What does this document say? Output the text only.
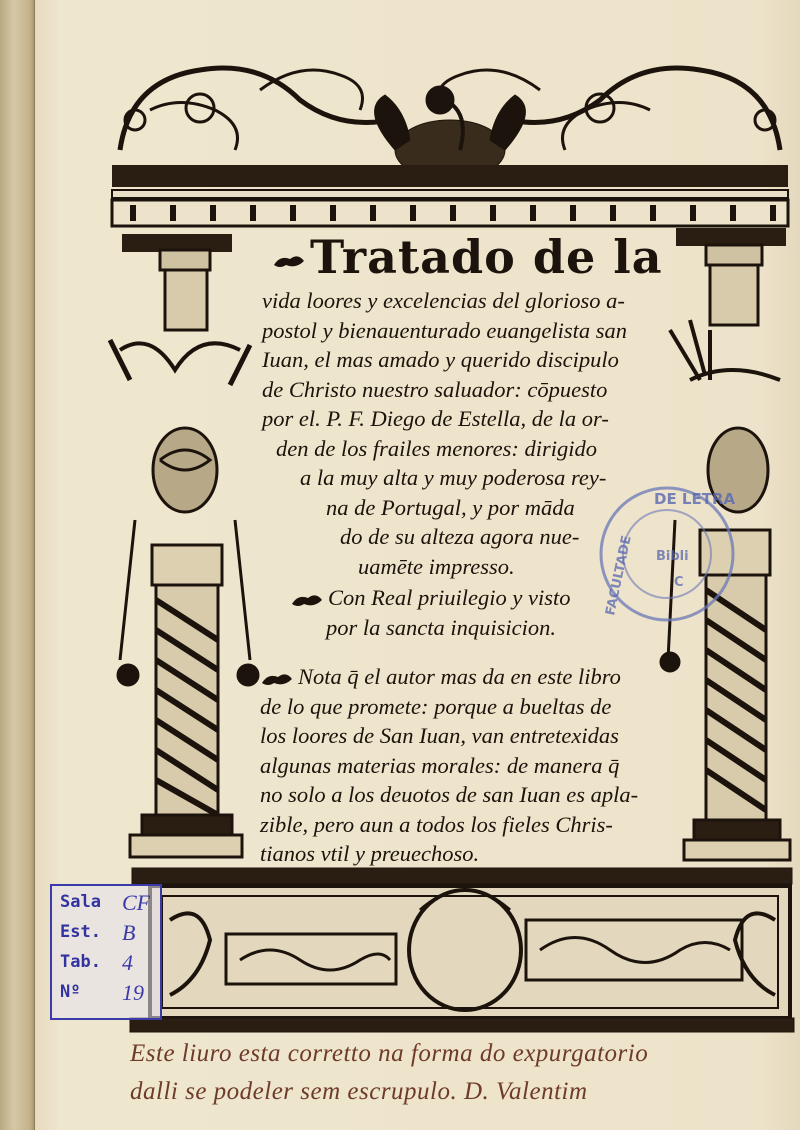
Tratado de la
vida loores y excelencias del glorioso a-
postol y bienauenturado euangelista san
Iuan, el mas amado y querido discipulo
de Christo nuestro saluador: cōpuesto
por el. P. F. Diego de Estella, de la or-
den de los frailes menores: dirigido
a la muy alta y muy poderosa rey-
na de Portugal, y por māda
do de su alteza agora nue-
uamēte impresso.
Con Real priuilegio y visto
por la sancta inquisicion.
Nota q̄ el autor mas da en este libro
de lo que promete: porque a bueltas de
los loores de San Iuan, van entretexidas
algunas materias morales: de manera q̄
no solo a los deuotos de san Iuan es apla-
zible, pero aun a todos los fieles Chris-
tianos vtil y preuechoso.
DE LETRA
Bibli
C
FACULTADE
Sala CF
Est. B
Tab. 4
Nº 19
Este liuro esta corretto na forma do expurgatorio
dalli se podeler sem escrupulo. D. Valentim
